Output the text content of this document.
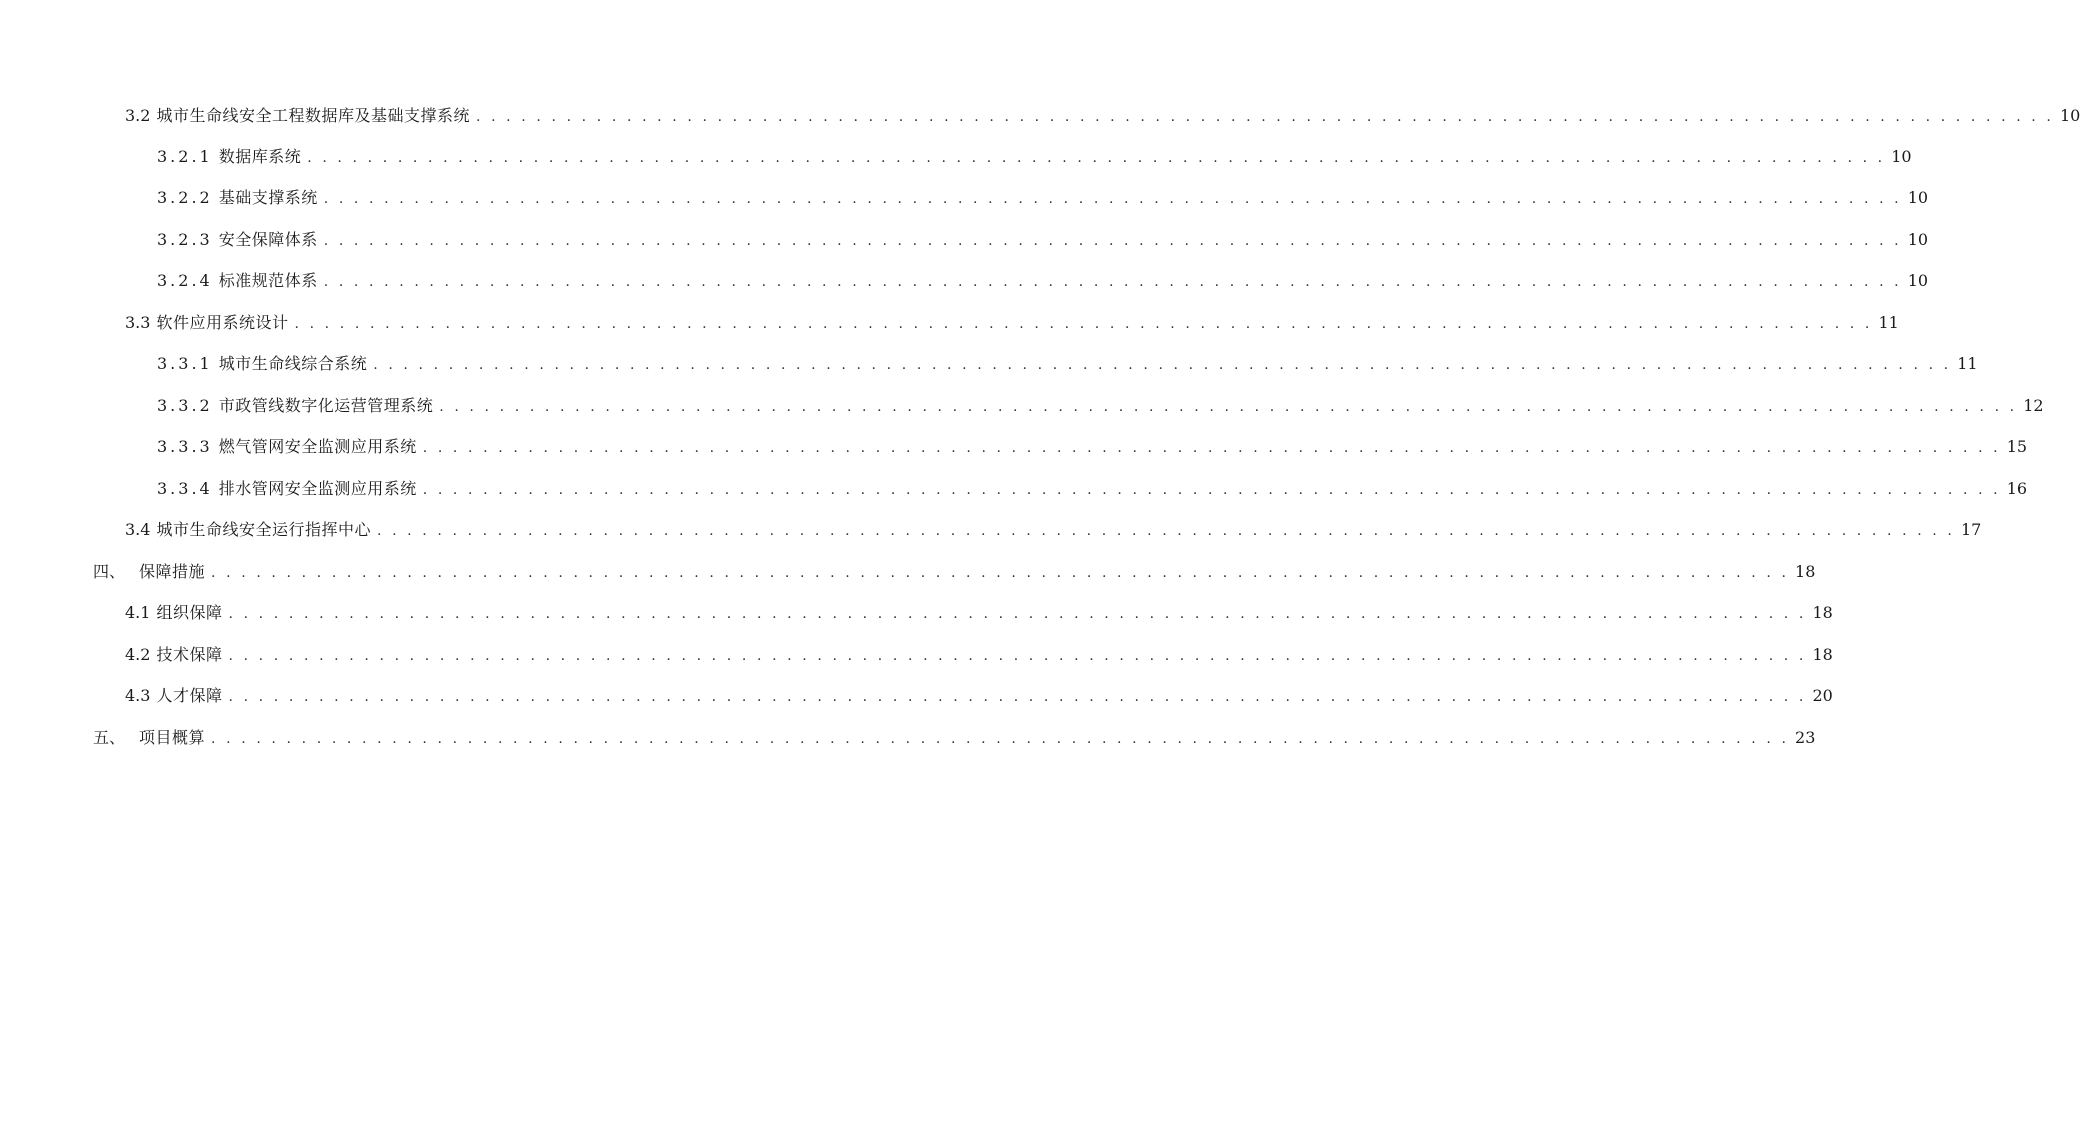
3.2 城市生命线安全工程数据库及基础支撑系统 . . . . . . . . . . . . . . . . . . . . . . . . . . . . . . . . . . . . . . . . . . . . . . . . . . . . . . . . . . . . . . . . . . . . . . . . . . . . . . . . . . . . . . . . . . . . . . . . . . . . . . . . . 10
3.2.1 数据库系统 . . . . . . . . . . . . . . . . . . . . . . . . . . . . . . . . . . . . . . . . . . . . . . . . . . . . . . . . . . . . . . . . . . . . . . . . . . . . . . . . . . . . . . . . . . . . . . . . . . . . . . . . . 10
3.2.2 基础支撑系统 . . . . . . . . . . . . . . . . . . . . . . . . . . . . . . . . . . . . . . . . . . . . . . . . . . . . . . . . . . . . . . . . . . . . . . . . . . . . . . . . . . . . . . . . . . . . . . . . . . . . . . . . . 10
3.2.3 安全保障体系 . . . . . . . . . . . . . . . . . . . . . . . . . . . . . . . . . . . . . . . . . . . . . . . . . . . . . . . . . . . . . . . . . . . . . . . . . . . . . . . . . . . . . . . . . . . . . . . . . . . . . . . . . 10
3.2.4 标准规范体系 . . . . . . . . . . . . . . . . . . . . . . . . . . . . . . . . . . . . . . . . . . . . . . . . . . . . . . . . . . . . . . . . . . . . . . . . . . . . . . . . . . . . . . . . . . . . . . . . . . . . . . . . . 10
3.3 软件应用系统设计 . . . . . . . . . . . . . . . . . . . . . . . . . . . . . . . . . . . . . . . . . . . . . . . . . . . . . . . . . . . . . . . . . . . . . . . . . . . . . . . . . . . . . . . . . . . . . . . . . . . . . . . . . 11
3.3.1 城市生命线综合系统 . . . . . . . . . . . . . . . . . . . . . . . . . . . . . . . . . . . . . . . . . . . . . . . . . . . . . . . . . . . . . . . . . . . . . . . . . . . . . . . . . . . . . . . . . . . . . . . . . . . . . . . . . 11
3.3.2 市政管线数字化运营管理系统 . . . . . . . . . . . . . . . . . . . . . . . . . . . . . . . . . . . . . . . . . . . . . . . . . . . . . . . . . . . . . . . . . . . . . . . . . . . . . . . . . . . . . . . . . . . . . . . . . . . . . . . . . 12
3.3.3 燃气管网安全监测应用系统 . . . . . . . . . . . . . . . . . . . . . . . . . . . . . . . . . . . . . . . . . . . . . . . . . . . . . . . . . . . . . . . . . . . . . . . . . . . . . . . . . . . . . . . . . . . . . . . . . . . . . . . . . 15
3.3.4 排水管网安全监测应用系统 . . . . . . . . . . . . . . . . . . . . . . . . . . . . . . . . . . . . . . . . . . . . . . . . . . . . . . . . . . . . . . . . . . . . . . . . . . . . . . . . . . . . . . . . . . . . . . . . . . . . . . . . . 16
3.4 城市生命线安全运行指挥中心 . . . . . . . . . . . . . . . . . . . . . . . . . . . . . . . . . . . . . . . . . . . . . . . . . . . . . . . . . . . . . . . . . . . . . . . . . . . . . . . . . . . . . . . . . . . . . . . . . . . . . . . . . 17
四、 保障措施 . . . . . . . . . . . . . . . . . . . . . . . . . . . . . . . . . . . . . . . . . . . . . . . . . . . . . . . . . . . . . . . . . . . . . . . . . . . . . . . . . . . . . . . . . . . . . . . . . . . . . . . . . 18
4.1 组织保障 . . . . . . . . . . . . . . . . . . . . . . . . . . . . . . . . . . . . . . . . . . . . . . . . . . . . . . . . . . . . . . . . . . . . . . . . . . . . . . . . . . . . . . . . . . . . . . . . . . . . . . . . . 18
4.2 技术保障 . . . . . . . . . . . . . . . . . . . . . . . . . . . . . . . . . . . . . . . . . . . . . . . . . . . . . . . . . . . . . . . . . . . . . . . . . . . . . . . . . . . . . . . . . . . . . . . . . . . . . . . . . 18
4.3 人才保障 . . . . . . . . . . . . . . . . . . . . . . . . . . . . . . . . . . . . . . . . . . . . . . . . . . . . . . . . . . . . . . . . . . . . . . . . . . . . . . . . . . . . . . . . . . . . . . . . . . . . . . . . . 20
五、 项目概算 . . . . . . . . . . . . . . . . . . . . . . . . . . . . . . . . . . . . . . . . . . . . . . . . . . . . . . . . . . . . . . . . . . . . . . . . . . . . . . . . . . . . . . . . . . . . . . . . . . . . . . . . . 23
